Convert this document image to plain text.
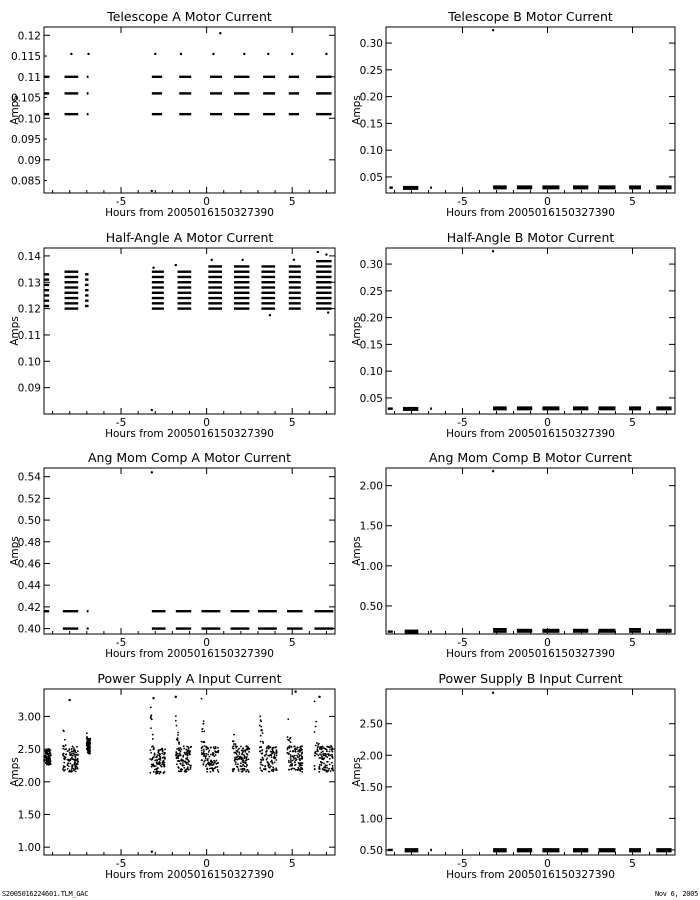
Telescope A Motor Current
Hours from 2005016150327390
Amps
-5	0	5
0.09
0.10
0.11
0.12
0.085
0.095
0.105
0.115
Telescope B Motor Current
Hours from 2005016150327390
Amps
-5	0	5
0.05
0.10
0.15
0.20
0.25
0.30
Half-Angle A Motor Current
Hours from 2005016150327390
Amps
-5	0	5
0.09
0.10
0.11
0.12
0.13
0.14
Half-Angle B Motor Current
Hours from 2005016150327390
Amps
-5	0	5
0.05
0.10
0.15
0.20
0.25
0.30
Ang Mom Comp A Motor Current
Hours from 2005016150327390
Amps
-5	0	5
0.40
0.42
0.44
0.46
0.48
0.50
0.52
0.54
Ang Mom Comp B Motor Current
Hours from 2005016150327390
Amps
-5	0	5
0.50
1.00
1.50
2.00
Power Supply A Input Current
Hours from 2005016150327390
Amps
-5	0	5
1.00
1.50
2.00
2.50
3.00
Power Supply B Input Current
Hours from 2005016150327390
Amps
-5	0	5
0.50
1.00
1.50
2.00
2.50
S2005016224601.TLM_GAC	Nov 6, 2005
